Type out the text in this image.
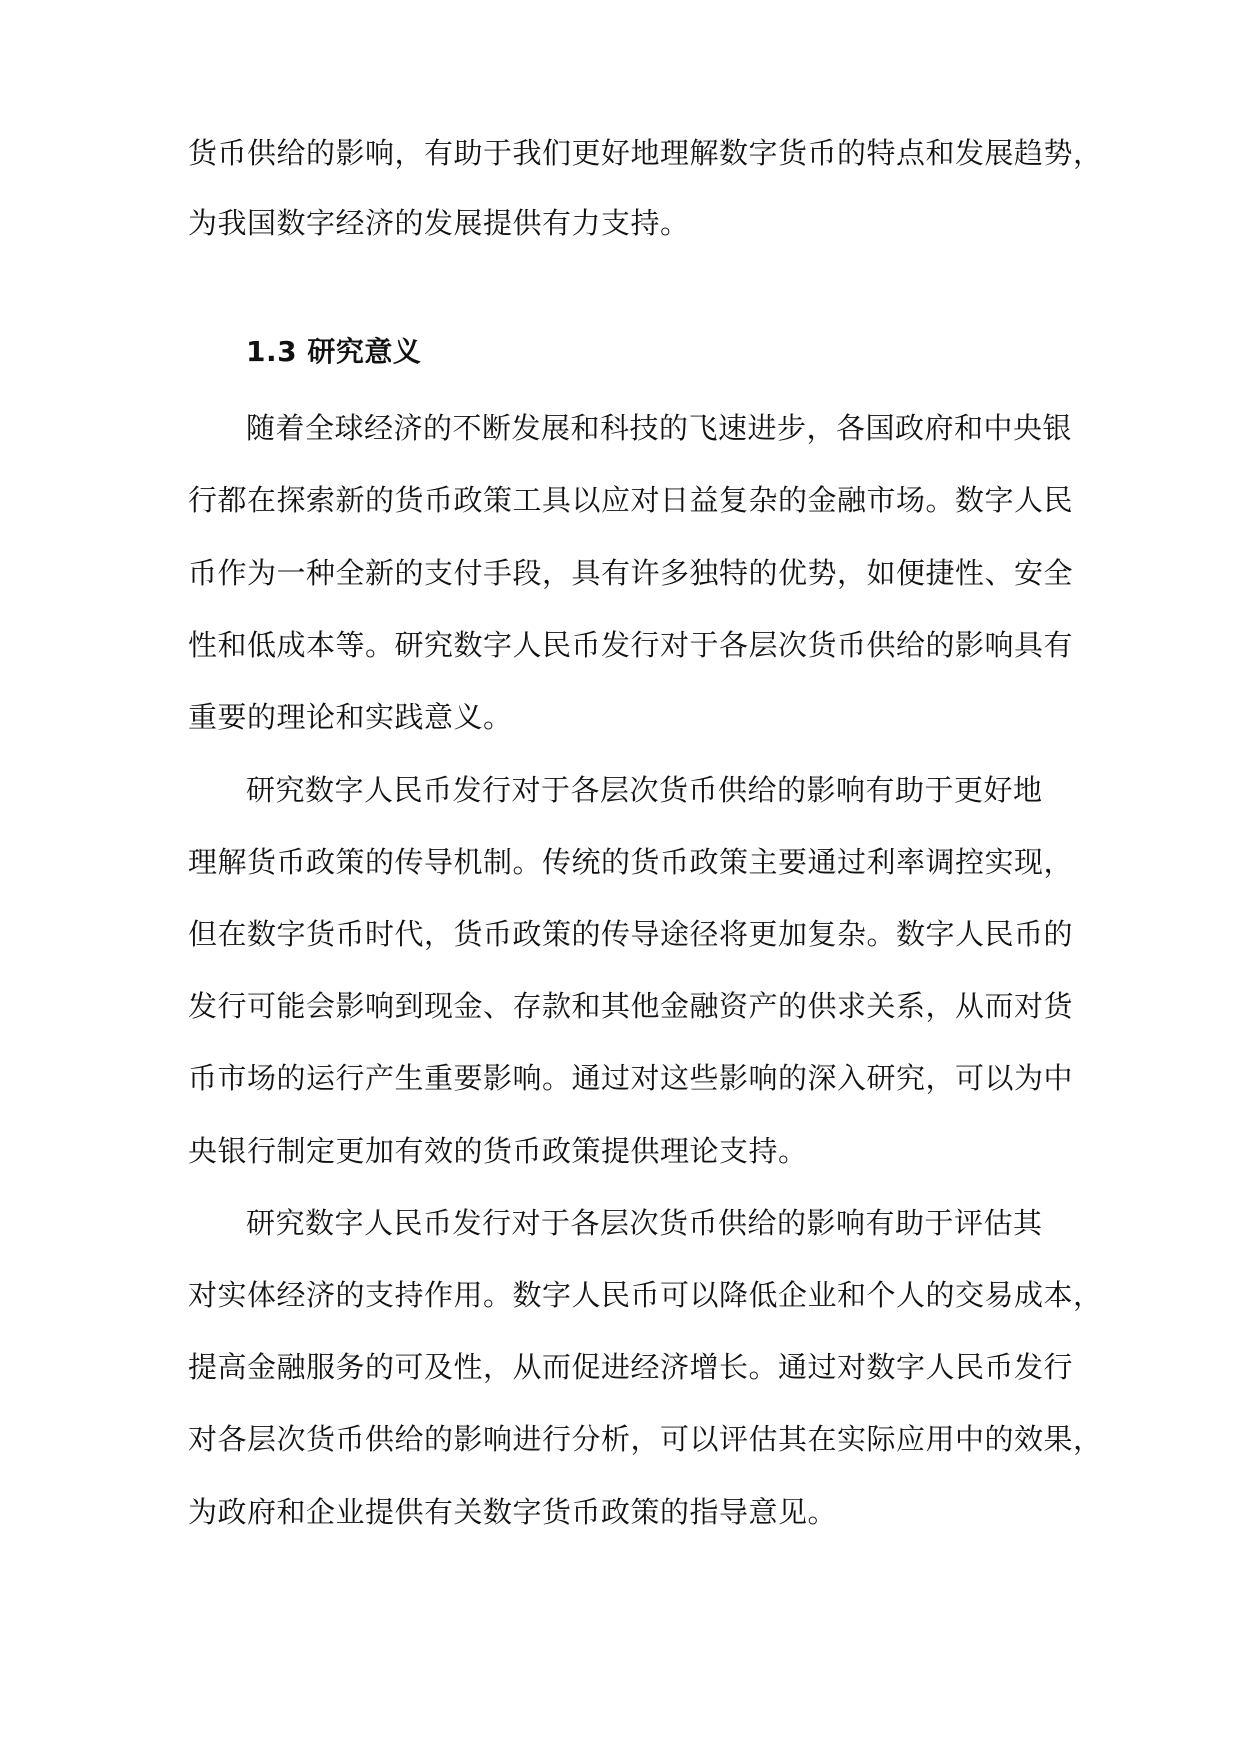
货币供给的影响，有助于我们更好地理解数字货币的特点和发展趋势，
为我国数字经济的发展提供有力支持。
1.3 研究意义
随着全球经济的不断发展和科技的飞速进步，各国政府和中央银
行都在探索新的货币政策工具以应对日益复杂的金融市场。数字人民
币作为一种全新的支付手段，具有许多独特的优势，如便捷性、安全
性和低成本等。研究数字人民币发行对于各层次货币供给的影响具有
重要的理论和实践意义。
研究数字人民币发行对于各层次货币供给的影响有助于更好地
理解货币政策的传导机制。传统的货币政策主要通过利率调控实现，
但在数字货币时代，货币政策的传导途径将更加复杂。数字人民币的
发行可能会影响到现金、存款和其他金融资产的供求关系，从而对货
币市场的运行产生重要影响。通过对这些影响的深入研究，可以为中
央银行制定更加有效的货币政策提供理论支持。
研究数字人民币发行对于各层次货币供给的影响有助于评估其
对实体经济的支持作用。数字人民币可以降低企业和个人的交易成本，
提高金融服务的可及性，从而促进经济增长。通过对数字人民币发行
对各层次货币供给的影响进行分析，可以评估其在实际应用中的效果，
为政府和企业提供有关数字货币政策的指导意见。
